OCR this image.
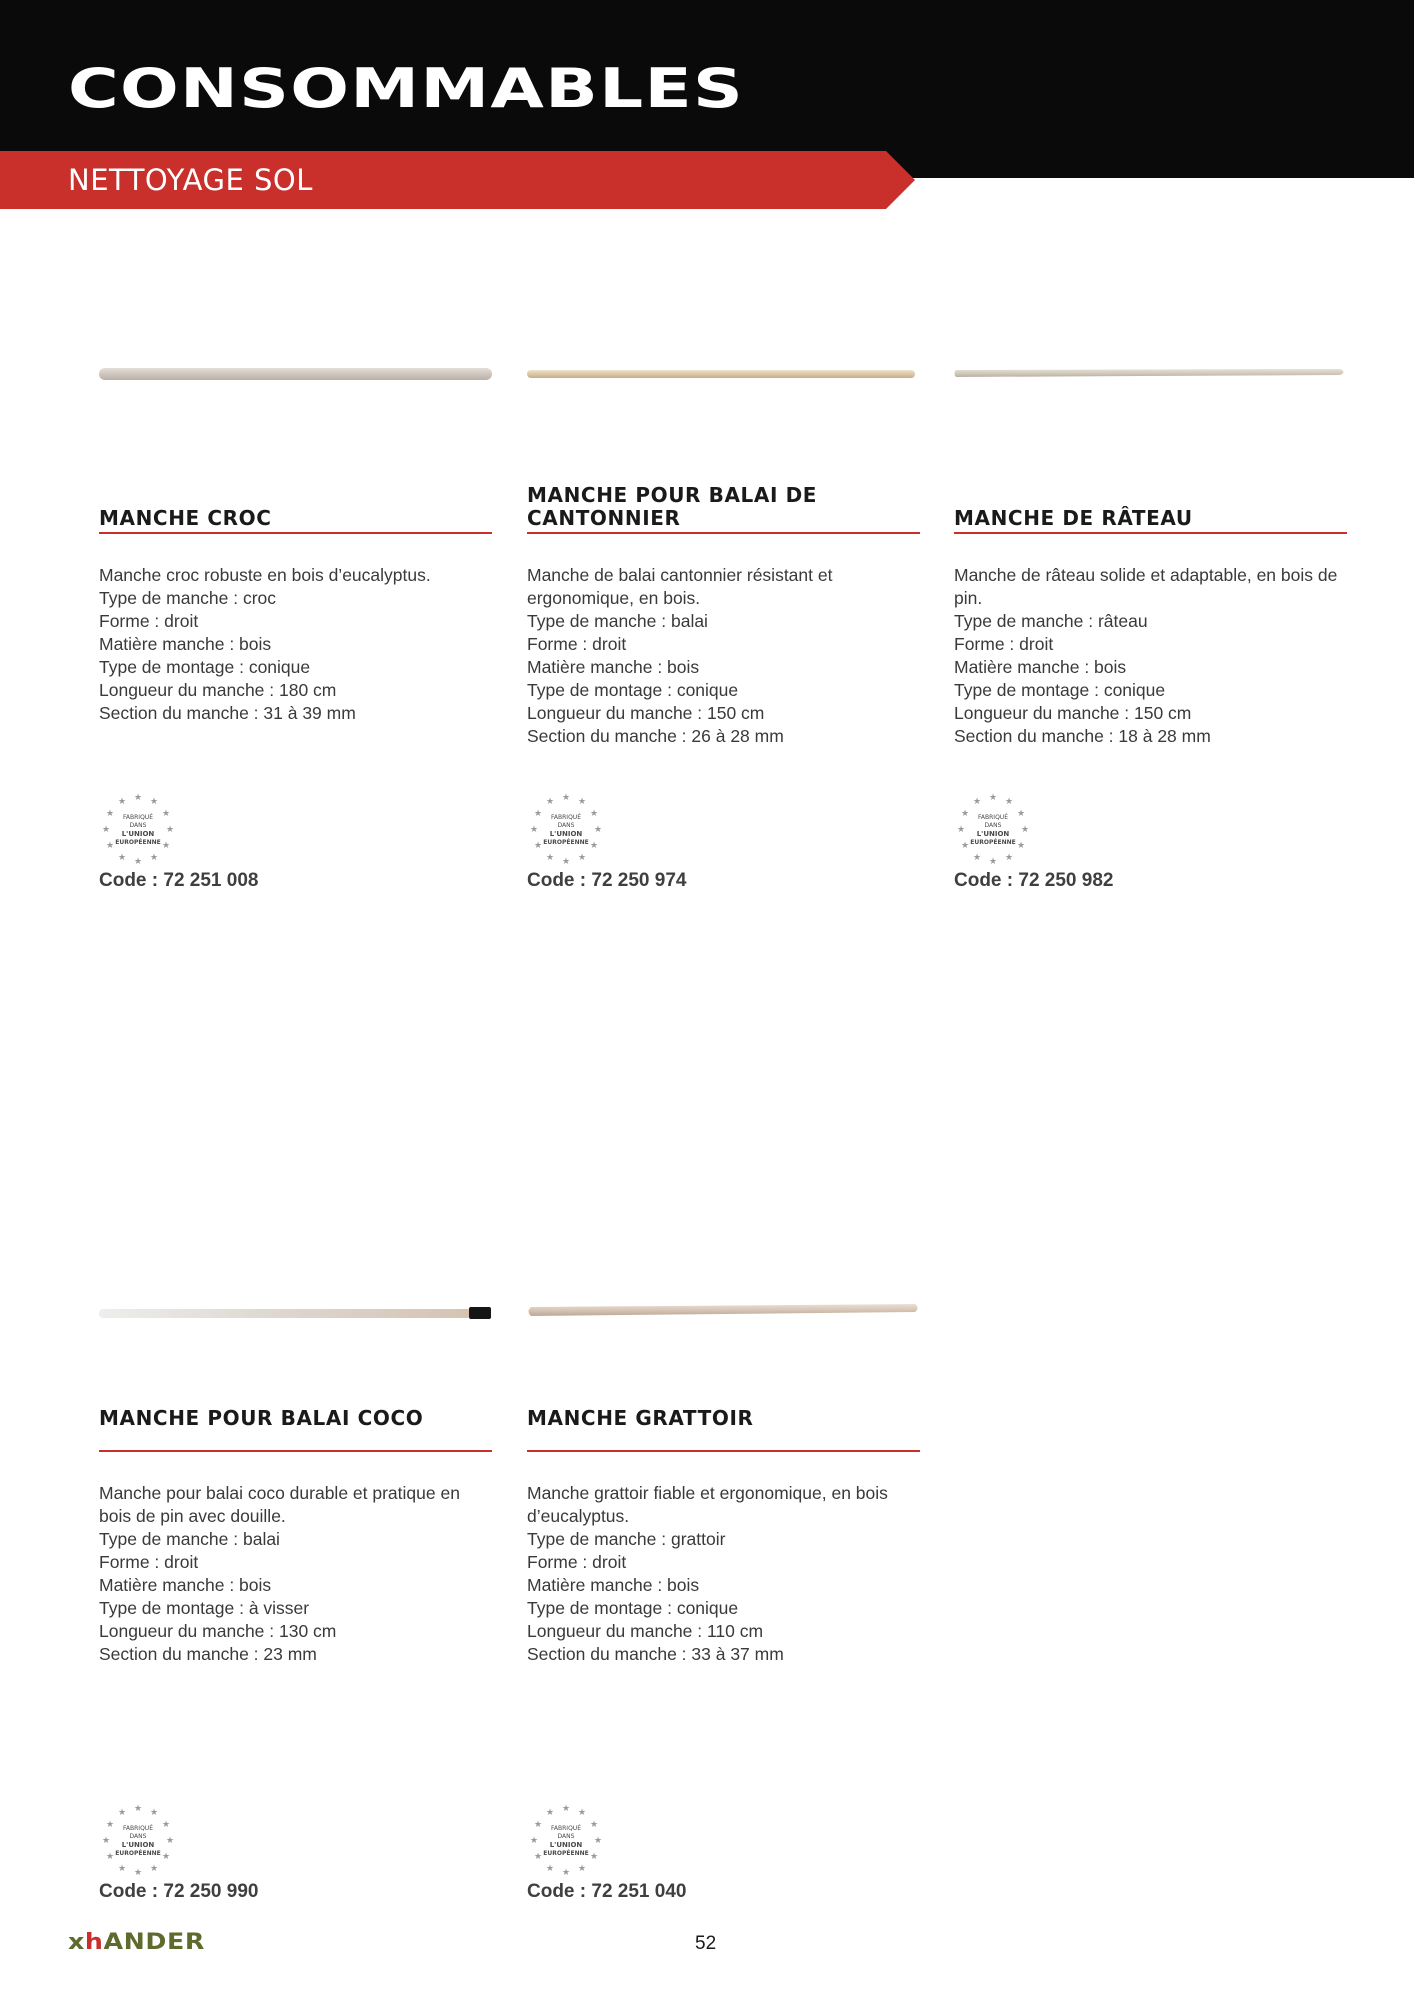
CONSOMMABLES
NETTOYAGE SOL
MANCHE CROC
Manche croc robuste en bois d’eucalyptus.
Type de manche : croc
Forme : droit
Matière manche : bois
Type de montage : conique
Longueur du manche : 180 cm
Section du manche : 31 à 39 mm
★ ★
★
★
★
★
★
★
★
★
★
★
FABRIQUÉ
DANS
L'UNION
EUROPÉENNE
Code : 72 251 008
MANCHE POUR BALAI DE
CANTONNIER
Manche de balai cantonnier résistant et ergonomique, en bois.
Type de manche : balai
Forme : droit
Matière manche : bois
Type de montage : conique
Longueur du manche : 150 cm
Section du manche : 26 à 28 mm
★ ★
★
★
★
★
★
★
★
★
★
★
FABRIQUÉ
DANS
L'UNION
EUROPÉENNE
Code : 72 250 974
MANCHE DE RÂTEAU
Manche de râteau solide et adaptable, en bois de pin.
Type de manche : râteau
Forme : droit
Matière manche : bois
Type de montage : conique
Longueur du manche : 150 cm
Section du manche : 18 à 28 mm
★ ★
★
★
★
★
★
★
★
★
★
★
FABRIQUÉ
DANS
L'UNION
EUROPÉENNE
Code : 72 250 982
MANCHE POUR BALAI COCO
Manche pour balai coco durable et pratique en bois de pin avec douille.
Type de manche : balai
Forme : droit
Matière manche : bois
Type de montage : à visser
Longueur du manche : 130 cm
Section du manche : 23 mm
★ ★
★
★
★
★
★
★
★
★
★
★
FABRIQUÉ
DANS
L'UNION
EUROPÉENNE
Code : 72 250 990
MANCHE GRATTOIR
Manche grattoir fiable et ergonomique, en bois d’eucalyptus.
Type de manche : grattoir
Forme : droit
Matière manche : bois
Type de montage : conique
Longueur du manche : 110 cm
Section du manche : 33 à 37 mm
★ ★
★
★
★
★
★
★
★
★
★
★
FABRIQUÉ
DANS
L'UNION
EUROPÉENNE
Code : 72 251 040
xhANDER	52
